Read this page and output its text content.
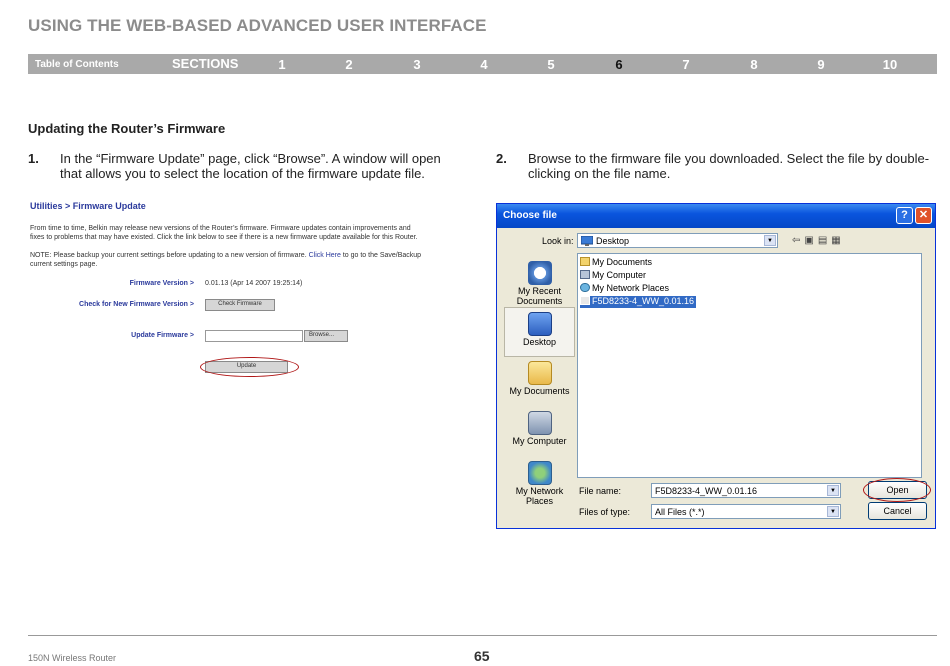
USING THE WEB-BASED ADVANCED USER INTERFACE
Table of Contents	SECTIONS	1	2	3	4	5	6	7	8	9	10
Updating the Router’s Firmware
1. In the “Firmware Update” page, click “Browse”. A window will open
that allows you to select the location of the firmware update file.
2. Browse to the firmware file you downloaded. Select the file by double-
clicking on the file name.
Utilities > Firmware Update
From time to time, Belkin may release new versions of the Router’s firmware. Firmware updates contain improvements and
fixes to problems that may have existed. Click the link below to see if there is a new firmware update available for this Router.
NOTE: Please backup your current settings before updating to a new version of firmware. Click Here to go to the Save/Backup
current settings page.
Firmware Version > 0.01.13 (Apr 14 2007 19:25:14)
Check for New Firmware Version >	Check Firmware
Update Firmware >	Browse...
Update
Choose file	?	✕
Look in: Desktop	▼	⇦▣▤▦
My Recent Documents
Desktop
My Documents
My Computer
My Network Places
My Documents
My Computer
My Network Places
F5D8233-4_WW_0.01.16
File name:	F5D8233-4_WW_0.01.16	▼
Files of type:	All Files (*.*)	▼
Open
Cancel
150N Wireless Router	65
